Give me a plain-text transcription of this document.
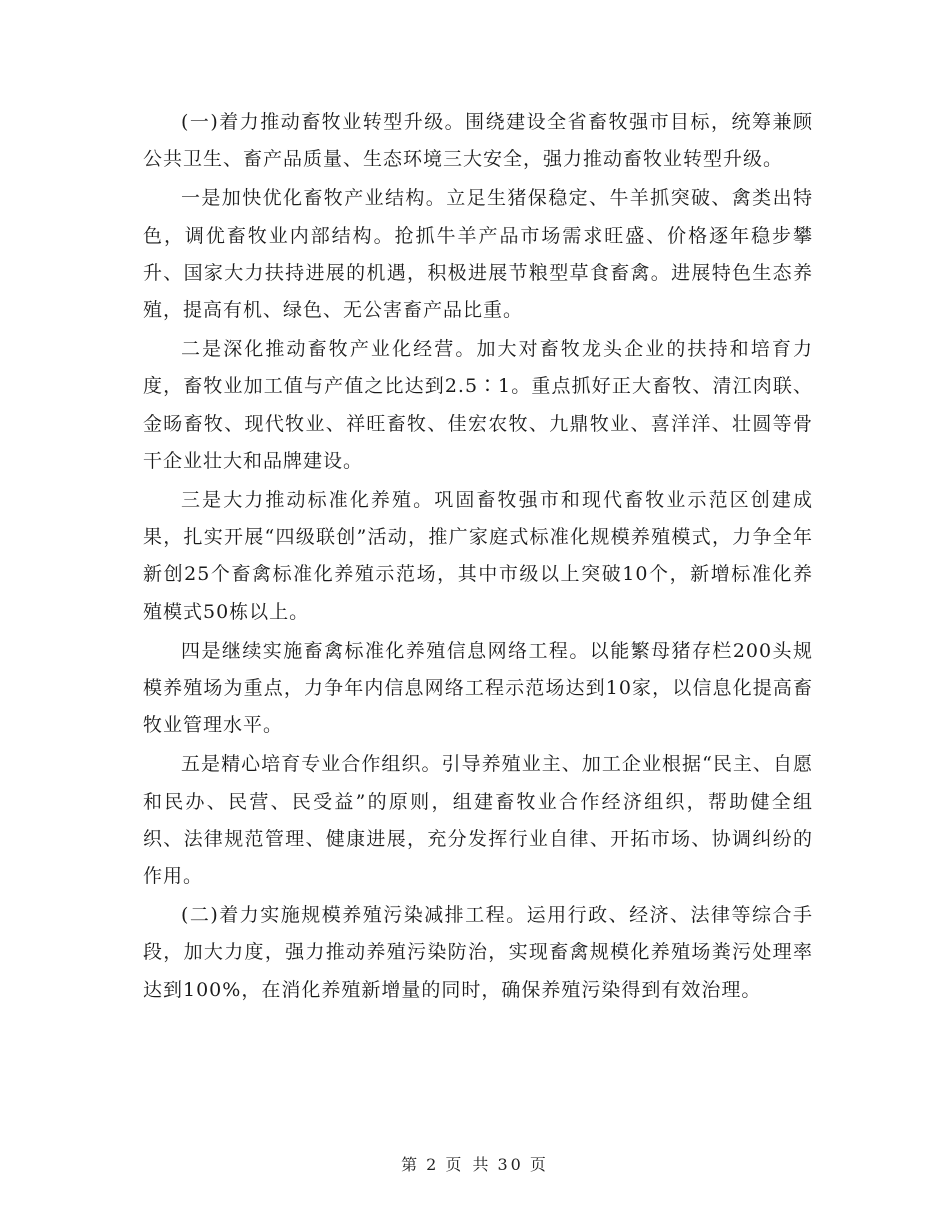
(一)着力推动畜牧业转型升级。围绕建设全省畜牧强市目标，统筹兼顾公共卫生、畜产品质量、生态环境三大安全，强力推动畜牧业转型升级。

一是加快优化畜牧产业结构。立足生猪保稳定、牛羊抓突破、禽类出特色，调优畜牧业内部结构。抢抓牛羊产品市场需求旺盛、价格逐年稳步攀升、国家大力扶持进展的机遇，积极进展节粮型草食畜禽。进展特色生态养殖，提高有机、绿色、无公害畜产品比重。

二是深化推动畜牧产业化经营。加大对畜牧龙头企业的扶持和培育力度，畜牧业加工值与产值之比达到2.5∶1。重点抓好正大畜牧、清江肉联、金旸畜牧、现代牧业、祥旺畜牧、佳宏农牧、九鼎牧业、喜洋洋、壮圆等骨干企业壮大和品牌建设。

三是大力推动标准化养殖。巩固畜牧强市和现代畜牧业示范区创建成果，扎实开展“四级联创”活动，推广家庭式标准化规模养殖模式，力争全年新创25个畜禽标准化养殖示范场，其中市级以上突破10个，新增标准化养殖模式50栋以上。

四是继续实施畜禽标准化养殖信息网络工程。以能繁母猪存栏200头规模养殖场为重点，力争年内信息网络工程示范场达到10家，以信息化提高畜牧业管理水平。

五是精心培育专业合作组织。引导养殖业主、加工企业根据“民主、自愿和民办、民营、民受益”的原则，组建畜牧业合作经济组织，帮助健全组织、法律规范管理、健康进展，充分发挥行业自律、开拓市场、协调纠纷的作用。

(二)着力实施规模养殖污染减排工程。运用行政、经济、法律等综合手段，加大力度，强力推动养殖污染防治，实现畜禽规模化养殖场粪污处理率达到100%，在消化养殖新增量的同时，确保养殖污染得到有效治理。

第 2 页 共 30 页
